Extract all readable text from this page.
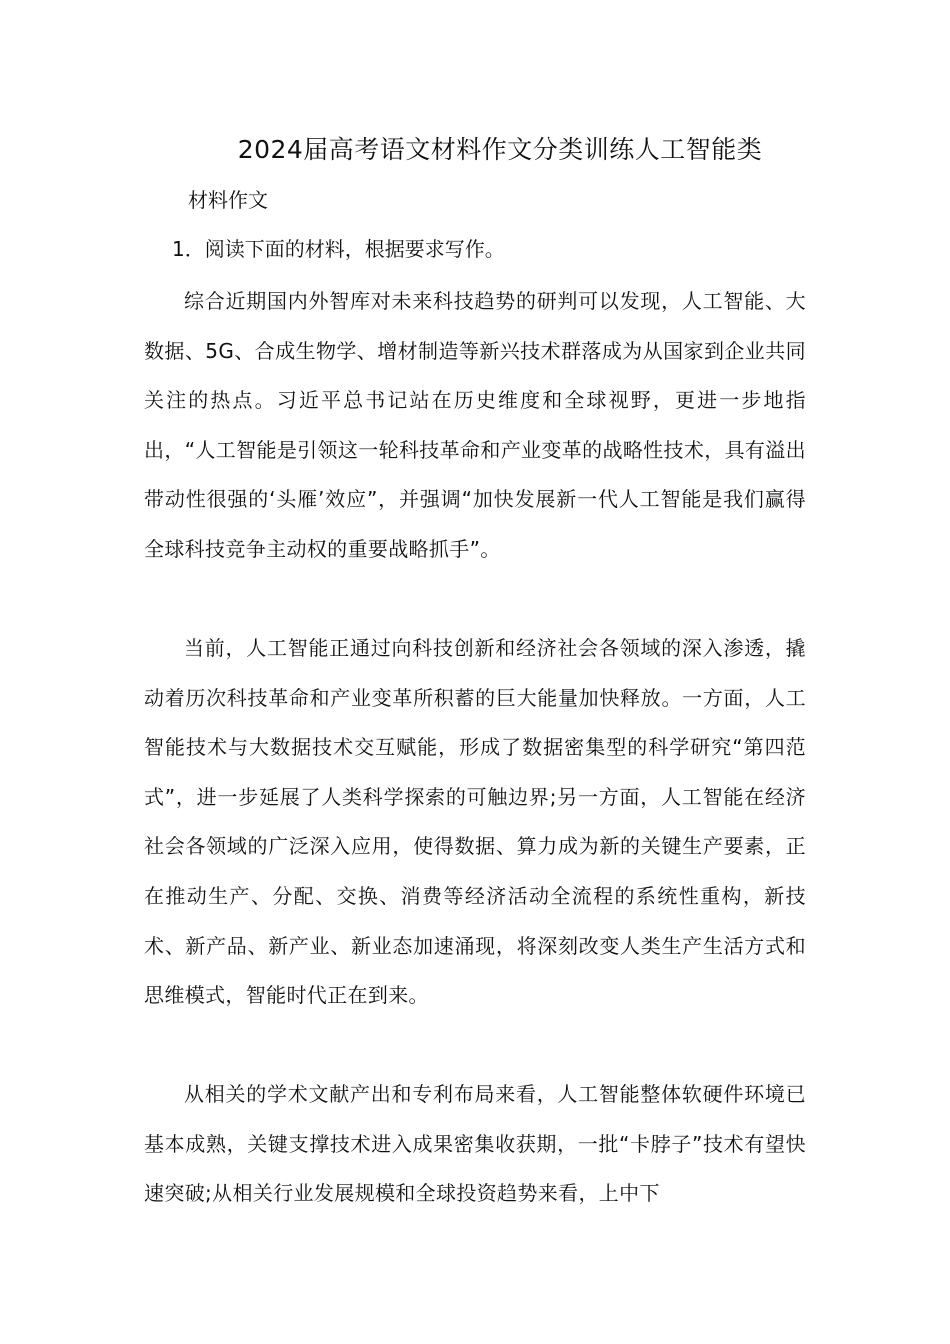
2024届高考语文材料作文分类训练人工智能类
材料作文
1．阅读下面的材料，根据要求写作。

综合近期国内外智库对未来科技趋势的研判可以发现，人工智能、大数据、5G、合成生物学、增材制造等新兴技术群落成为从国家到企业共同关注的热点。习近平总书记站在历史维度和全球视野，更进一步地指出，“人工智能是引领这一轮科技革命和产业变革的战略性技术，具有溢出带动性很强的‘头雁’效应”，并强调“加快发展新一代人工智能是我们赢得全球科技竞争主动权的重要战略抓手”。

当前，人工智能正通过向科技创新和经济社会各领域的深入渗透，撬动着历次科技革命和产业变革所积蓄的巨大能量加快释放。一方面，人工智能技术与大数据技术交互赋能，形成了数据密集型的科学研究“第四范式”，进一步延展了人类科学探索的可触边界;另一方面，人工智能在经济社会各领域的广泛深入应用，使得数据、算力成为新的关键生产要素，正在推动生产、分配、交换、消费等经济活动全流程的系统性重构，新技术、新产品、新产业、新业态加速涌现，将深刻改变人类生产生活方式和思维模式，智能时代正在到来。

从相关的学术文献产出和专利布局来看，人工智能整体软硬件环境已基本成熟，关键支撑技术进入成果密集收获期，一批“卡脖子”技术有望快速突破;从相关行业发展规模和全球投资趋势来看，上中下
